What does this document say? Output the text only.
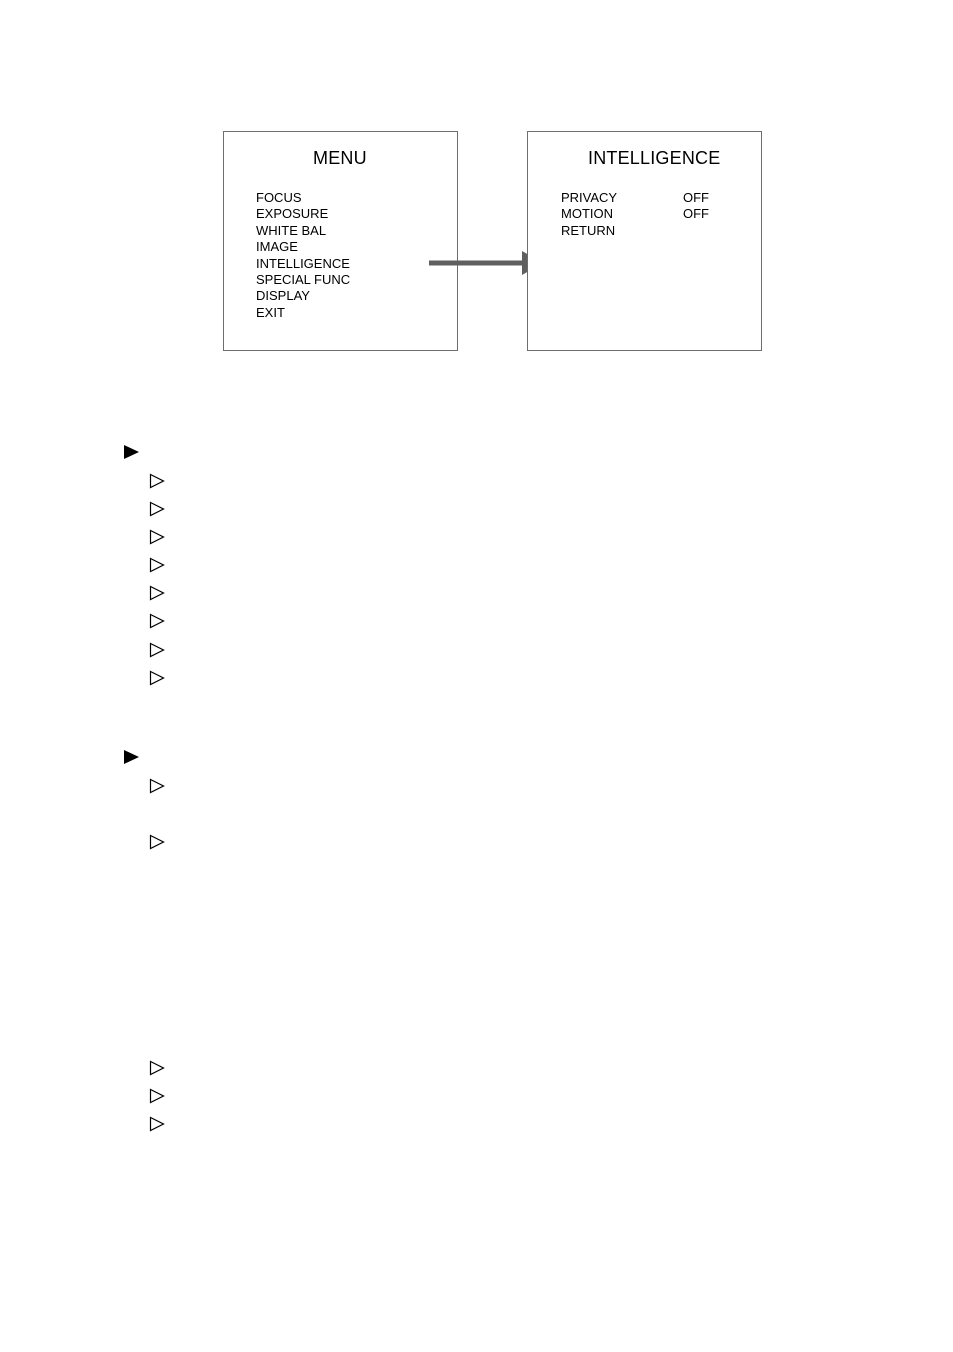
MENU
FOCUS
EXPOSURE
WHITE BAL
IMAGE
INTELLIGENCE
SPECIAL FUNC
DISPLAY
EXIT
INTELLIGENCE
PRIVACY
MOTION
RETURN
OFF
OFF
